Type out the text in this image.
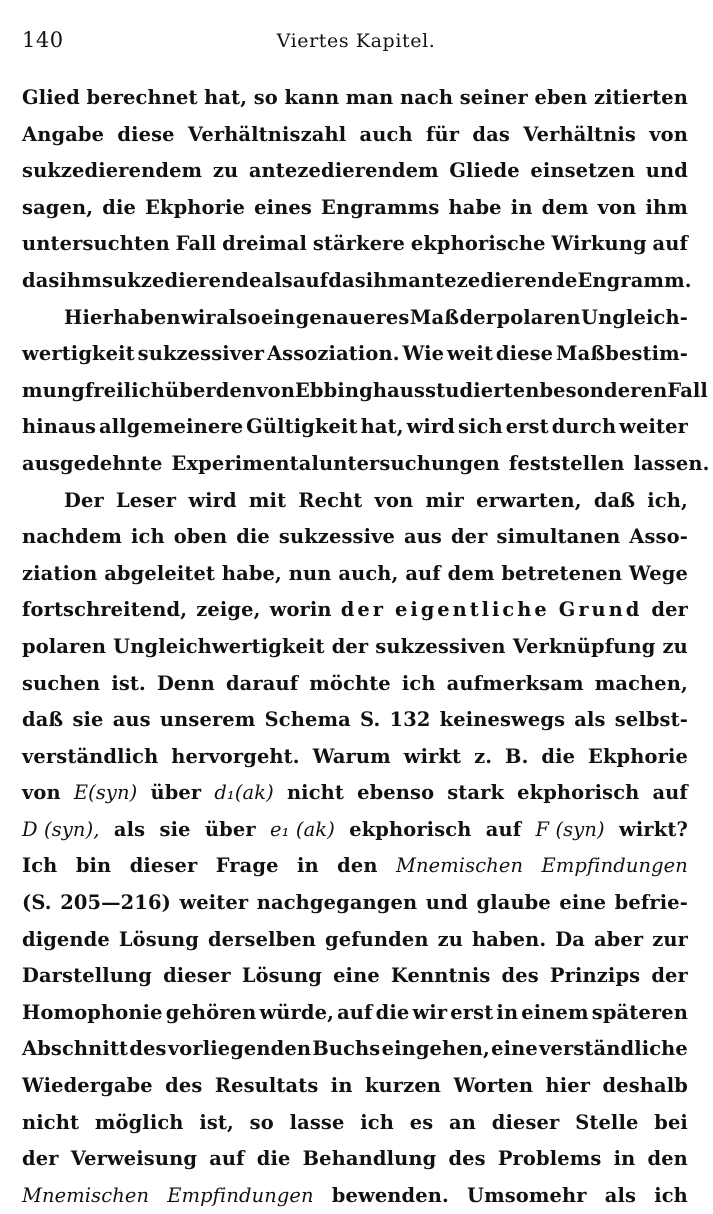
140	Viertes Kapitel.
Glied berechnet hat, so kann man nach seiner eben zitierten
Angabe diese Verhältniszahl auch für das Verhältnis von
sukzedierendem zu antezedierendem Gliede einsetzen und
sagen, die Ekphorie eines Engramms habe in dem von ihm
untersuchten Fall dreimal stärkere ekphorische Wirkung auf
das ihm sukzedierende als auf das ihm antezedierende Engramm.
Hier haben wir also ein genaueres Maß der polaren Ungleich-
wertigkeit sukzessiver Assoziation. Wie weit diese Maßbestim-
mung freilich über den von Ebbinghaus studierten besonderen Fall
hinaus allgemeinere Gültigkeit hat, wird sich erst durch weiter
ausgedehnte Experimentaluntersuchungen feststellen lassen.
Der Leser wird mit Recht von mir erwarten, daß ich,
nachdem ich oben die sukzessive aus der simultanen Asso-
ziation abgeleitet habe, nun auch, auf dem betretenen Wege
fortschreitend, zeige, worin der eigentliche Grund der
polaren Ungleichwertigkeit der sukzessiven Verknüpfung zu
suchen ist. Denn darauf möchte ich aufmerksam machen,
daß sie aus unserem Schema S. 132 keineswegs als selbst-
verständlich hervorgeht. Warum wirkt z. B. die Ekphorie
von E(syn) über d₁(ak) nicht ebenso stark ekphorisch auf
D (syn), als sie über e₁ (ak) ekphorisch auf F (syn) wirkt?
Ich bin dieser Frage in den Mnemischen Empfindungen
(S. 205—216) weiter nachgegangen und glaube eine befrie-
digende Lösung derselben gefunden zu haben. Da aber zur
Darstellung dieser Lösung eine Kenntnis des Prinzips der
Homophonie gehören würde, auf die wir erst in einem späteren
Abschnitt des vorliegenden Buchs eingehen, eine verständliche
Wiedergabe des Resultats in kurzen Worten hier deshalb
nicht möglich ist, so lasse ich es an dieser Stelle bei
der Verweisung auf die Behandlung des Problems in den
Mnemischen Empfindungen bewenden. Umsomehr als ich
